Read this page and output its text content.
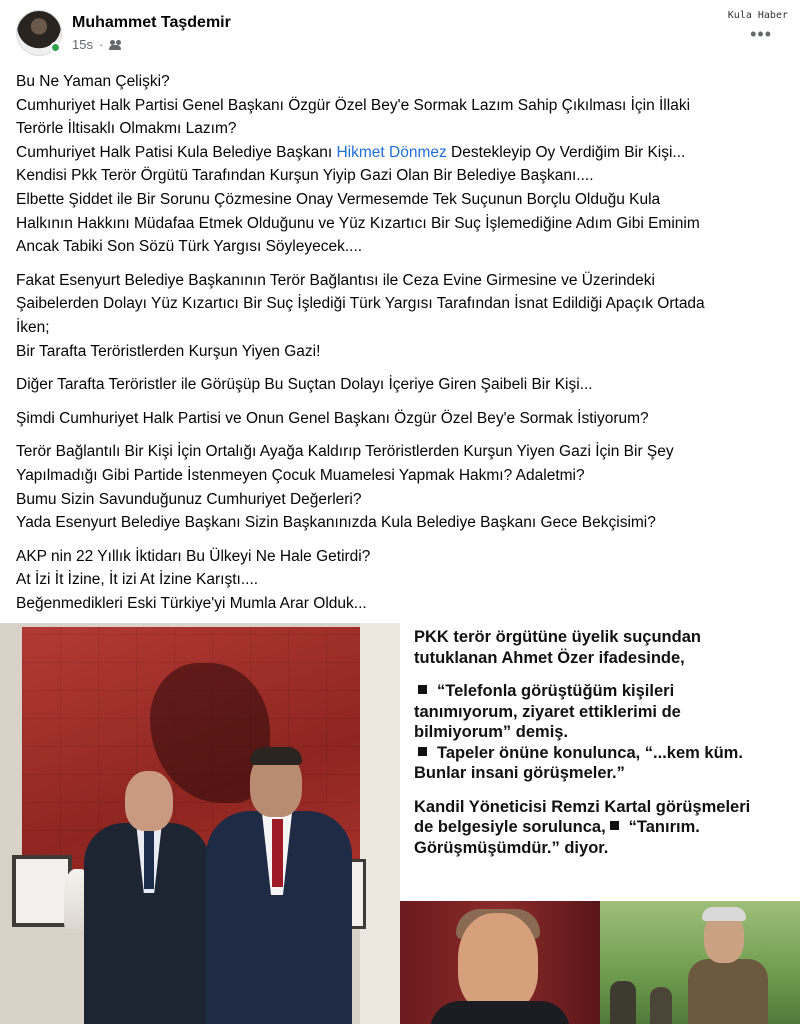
Kula Haber
•••
Muhammet Taşdemir
15s ·

Bu Ne Yaman Çelişki?
Cumhuriyet Halk Partisi Genel Başkanı Özgür Özel Bey'e Sormak Lazım Sahip Çıkılması İçin İllaki
Terörle İltisaklı Olmakmı Lazım?
Cumhuriyet Halk Patisi Kula Belediye Başkanı Hikmet Dönmez Destekleyip Oy Verdiğim Bir Kişi...
Kendisi Pkk Terör Örgütü Tarafından Kurşun Yiyip Gazi Olan Bir Belediye Başkanı....
Elbette Şiddet ile Bir Sorunu Çözmesine Onay Vermesemde Tek Suçunun Borçlu Olduğu Kula
Halkının Hakkını Müdafaa Etmek Olduğunu ve Yüz Kızartıcı Bir Suç İşlemediğine Adım Gibi Eminim
Ancak Tabiki Son Sözü Türk Yargısı Söyleyecek....

Fakat Esenyurt Belediye Başkanının Terör Bağlantısı ile Ceza Evine Girmesine ve Üzerindeki
Şaibelerden Dolayı Yüz Kızartıcı Bir Suç İşlediği Türk Yargısı Tarafından İsnat Edildiği Apaçık Ortada
İken;
Bir Tarafta Teröristlerden Kurşun Yiyen Gazi!

Diğer Tarafta Teröristler ile Görüşüp Bu Suçtan Dolayı İçeriye Giren Şaibeli Bir Kişi...

Şimdi Cumhuriyet Halk Partisi ve Onun Genel Başkanı Özgür Özel Bey'e Sormak İstiyorum?

Terör Bağlantılı Bir Kişi İçin Ortalığı Ayağa Kaldırıp Teröristlerden Kurşun Yiyen Gazi İçin Bir Şey
Yapılmadığı Gibi Partide İstenmeyen Çocuk Muamelesi Yapmak Hakmı? Adaletmi?
Bumu Sizin Savunduğunuz Cumhuriyet Değerleri?
Yada Esenyurt Belediye Başkanı Sizin Başkanınızda Kula Belediye Başkanı Gece Bekçisimi?

AKP nin 22 Yıllık İktidarı Bu Ülkeyi Ne Hale Getirdi?
At İzi İt İzine, İt izi At İzine Karıştı....
Beğenmedikleri Eski Türkiye'yi Mumla Arar Olduk...

PKK terör örgütüne üyelik suçundan
tutuklanan Ahmet Özer ifadesinde,
“Telefonla görüştüğüm kişileri
tanımıyorum, ziyaret ettiklerimi de
bilmiyorum” demiş.
Tapeler önüne konulunca, “...kem küm.
Bunlar insani görüşmeler.”
Kandil Yöneticisi Remzi Kartal görüşmeleri
de belgesiyle sorulunca, “Tanırım.
Görüşmüşümdür.” diyor.
